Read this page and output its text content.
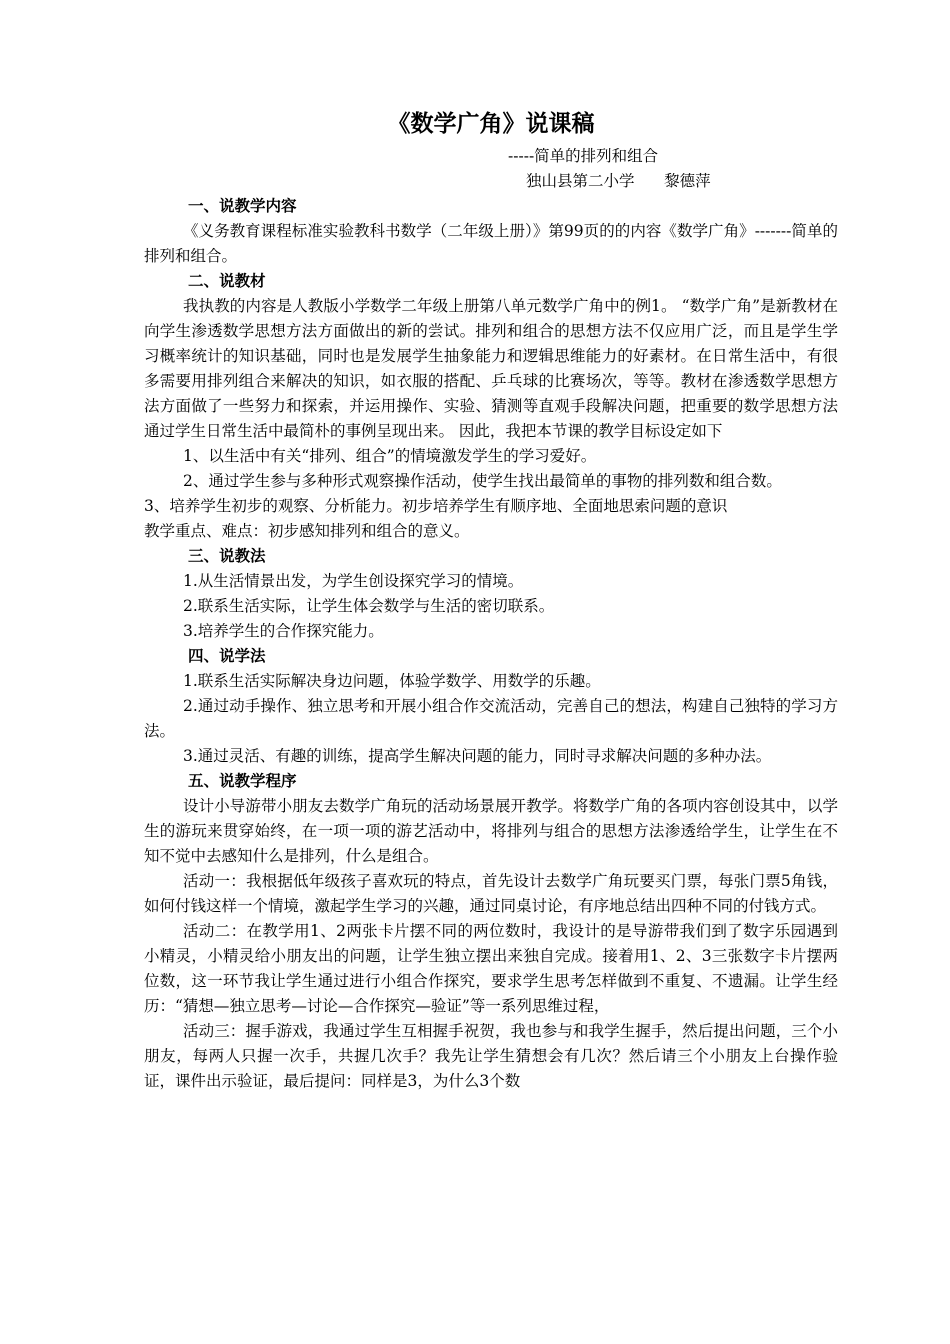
《数学广角》说课稿
-----简单的排列和组合
独山县第二小学      黎德萍
一、说教学内容

《义务教育课程标准实验教科书数学（二年级上册）》第99页的的内容《数学广角》-------简单的排列和组合。

二、说教材

我执教的内容是人教版小学数学二年级上册第八单元数学广角中的例1。 “数学广角”是新教材在向学生渗透数学思想方法方面做出的新的尝试。排列和组合的思想方法不仅应用广泛，而且是学生学习概率统计的知识基础，同时也是发展学生抽象能力和逻辑思维能力的好素材。在日常生活中，有很多需要用排列组合来解决的知识，如衣服的搭配、乒乓球的比赛场次，等等。教材在渗透数学思想方法方面做了一些努力和探索，并运用操作、实验、猜测等直观手段解决问题，把重要的数学思想方法通过学生日常生活中最简朴的事例呈现出来。 因此，我把本节课的教学目标设定如下

1、以生活中有关“排列、组合”的情境激发学生的学习爱好。

2、通过学生参与多种形式观察操作活动，使学生找出最简单的事物的排列数和组合数。

3、培养学生初步的观察、分析能力。初步培养学生有顺序地、全面地思索问题的意识

教学重点、难点：初步感知排列和组合的意义。

三、说教法

1.从生活情景出发，为学生创设探究学习的情境。

2.联系生活实际，让学生体会数学与生活的密切联系。

3.培养学生的合作探究能力。

四、说学法

1.联系生活实际解决身边问题，体验学数学、用数学的乐趣。

2.通过动手操作、独立思考和开展小组合作交流活动，完善自己的想法，构建自己独特的学习方法。

3.通过灵活、有趣的训练，提高学生解决问题的能力，同时寻求解决问题的多种办法。

五、说教学程序

设计小导游带小朋友去数学广角玩的活动场景展开教学。将数学广角的各项内容创设其中，以学生的游玩来贯穿始终，在一项一项的游艺活动中，将排列与组合的思想方法渗透给学生，让学生在不知不觉中去感知什么是排列，什么是组合。

活动一：我根据低年级孩子喜欢玩的特点，首先设计去数学广角玩要买门票，每张门票5角钱，如何付钱这样一个情境，激起学生学习的兴趣，通过同桌讨论，有序地总结出四种不同的付钱方式。

活动二：在教学用1、2两张卡片摆不同的两位数时，我设计的是导游带我们到了数字乐园遇到小精灵，小精灵给小朋友出的问题，让学生独立摆出来独自完成。接着用1、2、3三张数字卡片摆两位数，这一环节我让学生通过进行小组合作探究，要求学生思考怎样做到不重复、不遗漏。让学生经历：“猜想—独立思考—讨论—合作探究—验证”等一系列思维过程，

活动三：握手游戏，我通过学生互相握手祝贺，我也参与和我学生握手，然后提出问题，三个小朋友，每两人只握一次手，共握几次手？我先让学生猜想会有几次？然后请三个小朋友上台操作验证，课件出示验证，最后提问：同样是3，为什么3个数
